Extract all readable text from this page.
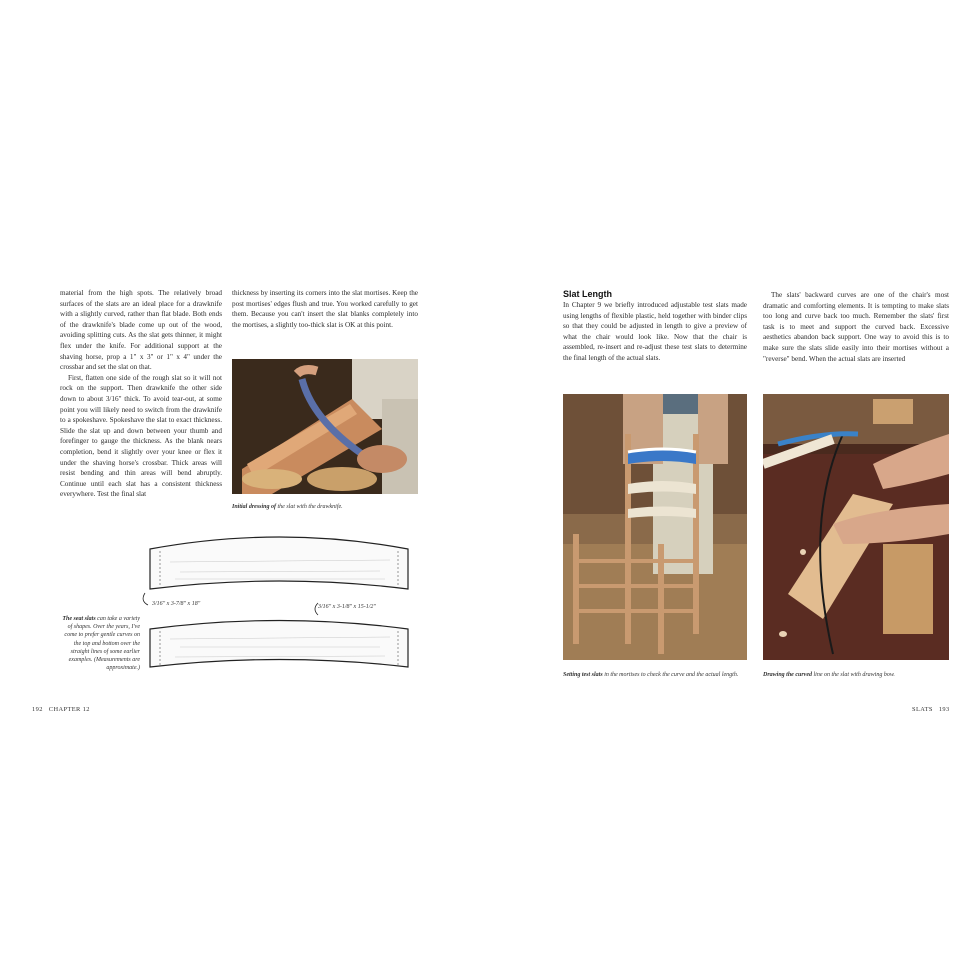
material from the high spots. The relatively broad surfaces of the slats are an ideal place for a drawknife with a slightly curved, rather than flat blade. Both ends of the drawknife's blade come up out of the wood, avoiding splitting cuts. As the slat gets thinner, it might flex under the knife. For additional support at the shaving horse, prop a 1" x 3" or 1" x 4" under the crossbar and set the slat on that.

First, flatten one side of the rough slat so it will not rock on the support. Then drawknife the other side down to about 3/16" thick. To avoid tear-out, at some point you will likely need to switch from the drawknife to a spokeshave. Spokeshave the slat to exact thickness. Slide the slat up and down between your thumb and forefinger to gauge the thickness. As the blank nears completion, bend it slightly over your knee or flex it under the shaving horse's crossbar. Thick areas will resist bending and thin areas will bend abruptly. Continue until each slat has a consistent thickness everywhere. Test the final slat

thickness by inserting its corners into the slat mortises. Keep the post mortises' edges flush and true. You worked carefully to get them. Because you can't insert the slat blanks completely into the mortises, a slightly too-thick slat is OK at this point.

Initial dressing of the slat with the drawknife.
3/16" x 3-7/8" x 18"	3/16" x 3-1/8" x 15-1/2"
The seat slats can take a variety of shapes. Over the years, I've come to prefer gentle curves on the top and bottom over the straight lines of some earlier examples. (Measurements are approximate.)
192 CHAPTER 12
Slat Length

In Chapter 9 we briefly introduced adjustable test slats made using lengths of flexible plastic, held together with binder clips so that they could be adjusted in length to give a preview of what the chair would look like. Now that the chair is assembled, re-insert and re-adjust these test slats to determine the final length of the actual slats.

The slats' backward curves are one of the chair's most dramatic and comforting elements. It is tempting to make slats too long and curve back too much. Remember the slats' first task is to meet and support the curved back. Excessive aesthetics abandon back support. One way to avoid this is to make sure the slats slide easily into their mortises without a "reverse" bend. When the actual slats are inserted

Setting test slats in the mortises to check the curve and the actual length.	Drawing the curved line on the slat with drawing bow.
SLATS 193
